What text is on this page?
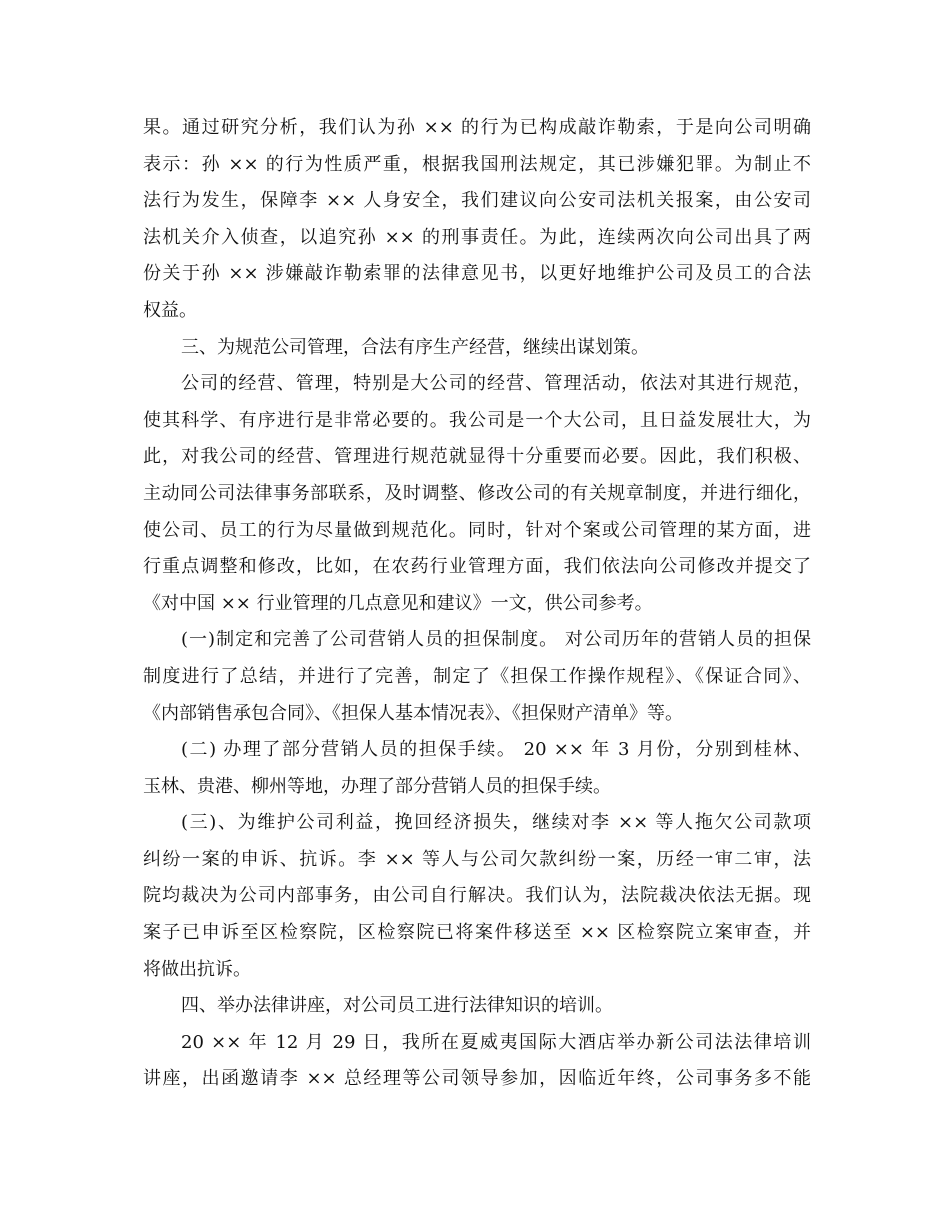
果。通过研究分析，我们认为孙 ×× 的行为已构成敲诈勒索，于是向公司明确
表示：孙 ×× 的行为性质严重，根据我国刑法规定，其已涉嫌犯罪。为制止不
法行为发生，保障李 ×× 人身安全，我们建议向公安司法机关报案，由公安司
法机关介入侦查，以追究孙 ×× 的刑事责任。为此，连续两次向公司出具了两
份关于孙 ×× 涉嫌敲诈勒索罪的法律意见书，以更好地维护公司及员工的合法
权益。
三、为规范公司管理，合法有序生产经营，继续出谋划策。
公司的经营、管理，特别是大公司的经营、管理活动，依法对其进行规范，
使其科学、有序进行是非常必要的。我公司是一个大公司，且日益发展壮大，为
此，对我公司的经营、管理进行规范就显得十分重要而必要。因此，我们积极、
主动同公司法律事务部联系，及时调整、修改公司的有关规章制度，并进行细化，
使公司、员工的行为尽量做到规范化。同时，针对个案或公司管理的某方面，进
行重点调整和修改，比如，在农药行业管理方面，我们依法向公司修改并提交了
《对中国 ×× 行业管理的几点意见和建议》一文，供公司参考。
(一)制定和完善了公司营销人员的担保制度。 对公司历年的营销人员的担保
制度进行了总结，并进行了完善，制定了《担保工作操作规程》、《保证合同》、
《内部销售承包合同》、《担保人基本情况表》、《担保财产清单》等。
(二) 办理了部分营销人员的担保手续。 20 ×× 年 3 月份，分别到桂林、
玉林、贵港、柳州等地，办理了部分营销人员的担保手续。
(三)、为维护公司利益，挽回经济损失，继续对李 ×× 等人拖欠公司款项
纠纷一案的申诉、抗诉。李 ×× 等人与公司欠款纠纷一案，历经一审二审，法
院均裁决为公司内部事务，由公司自行解决。我们认为，法院裁决依法无据。现
案子已申诉至区检察院，区检察院已将案件移送至 ×× 区检察院立案审查，并
将做出抗诉。
四、举办法律讲座，对公司员工进行法律知识的培训。
20 ×× 年 12 月 29 日，我所在夏威夷国际大酒店举办新公司法法律培训
讲座，出函邀请李 ×× 总经理等公司领导参加，因临近年终，公司事务多不能
